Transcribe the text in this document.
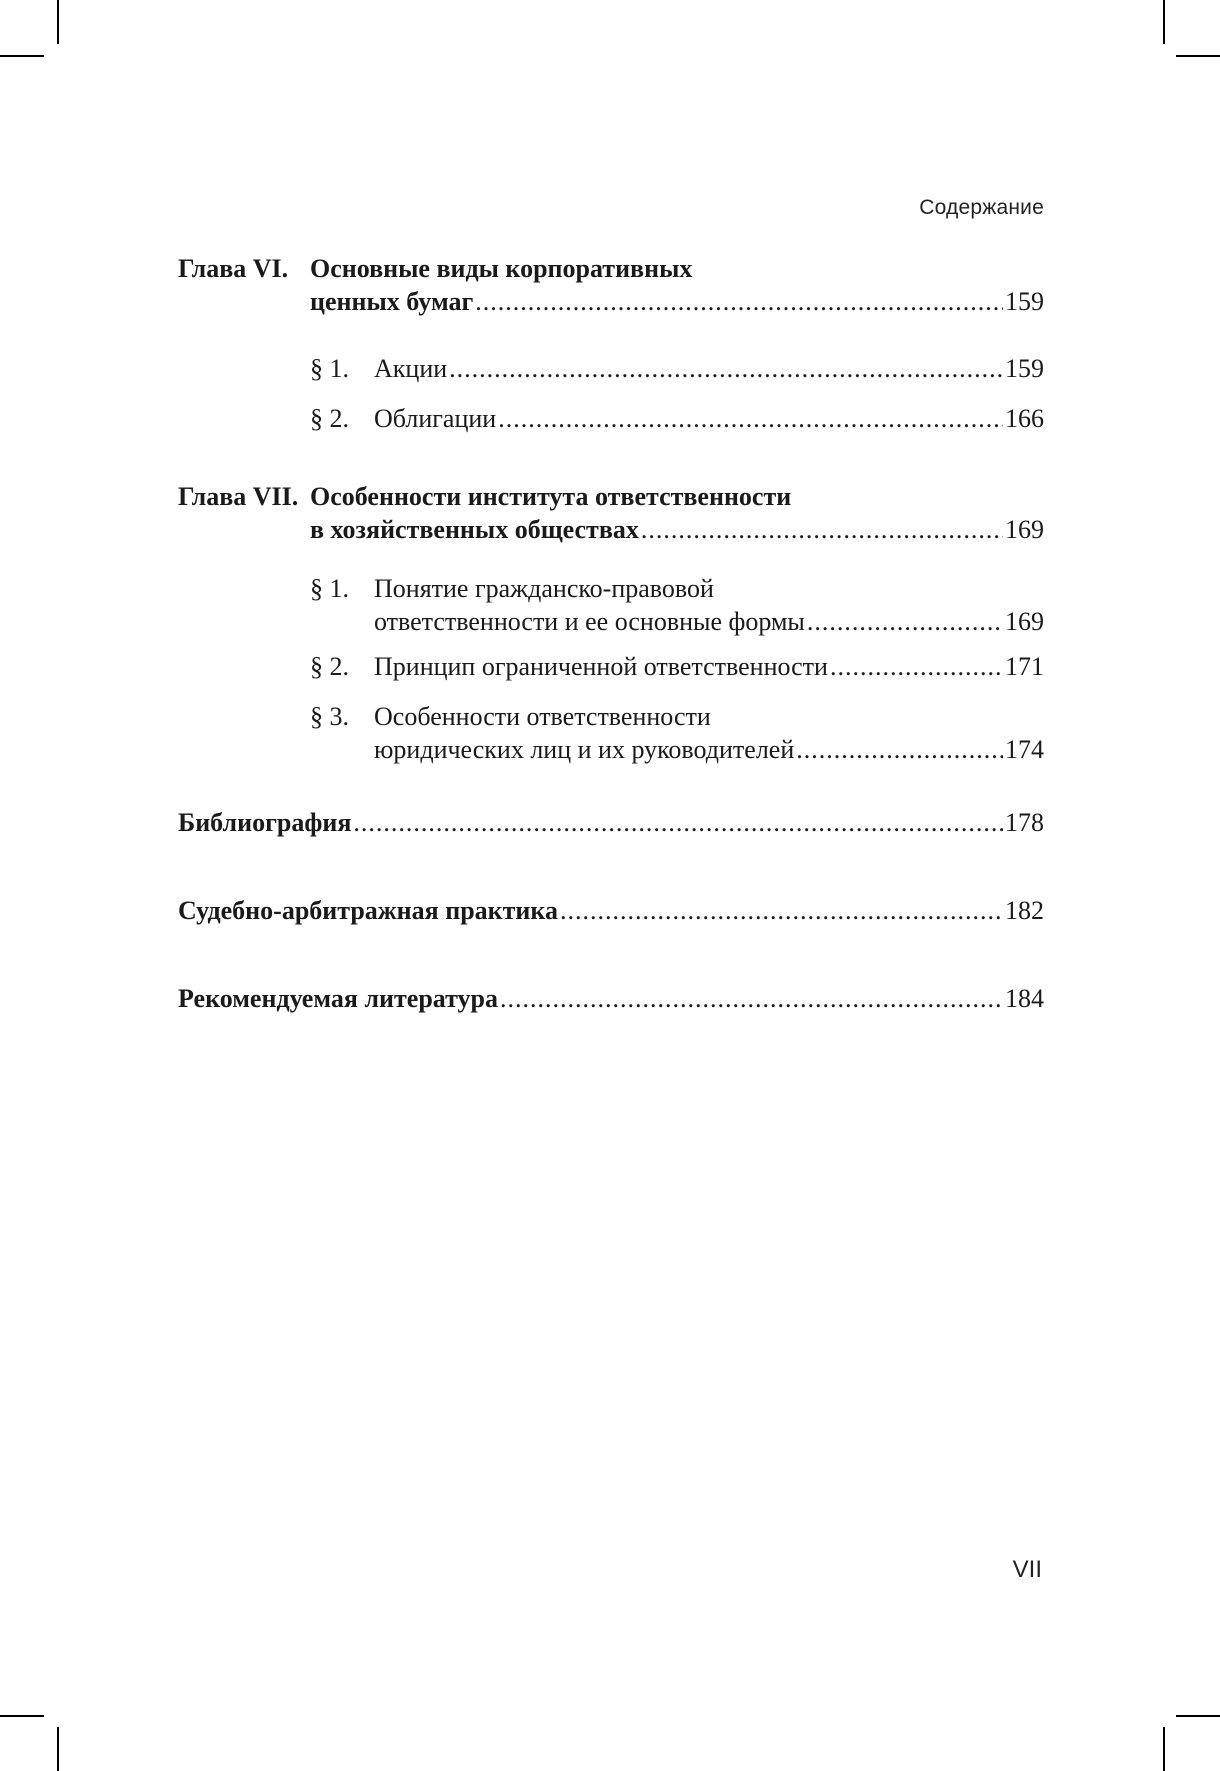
Содержание
Глава VI. Основные виды корпоративных
ценных бумаг .....	159
§ 1. Акции .....	159
§ 2. Облигации .....	166
Глава VII. Особенности института ответственности
в хозяйственных обществах .....	169
§ 1. Понятие гражданско-правовой
ответственности и ее основные формы .....	169
§ 2. Принцип ограниченной ответственности .....	171
§ 3. Особенности ответственности
юридических лиц и их руководителей .....	174
Библиография .....	178
Судебно-арбитражная практика .....	182
Рекомендуемая литература .....	184
VII
